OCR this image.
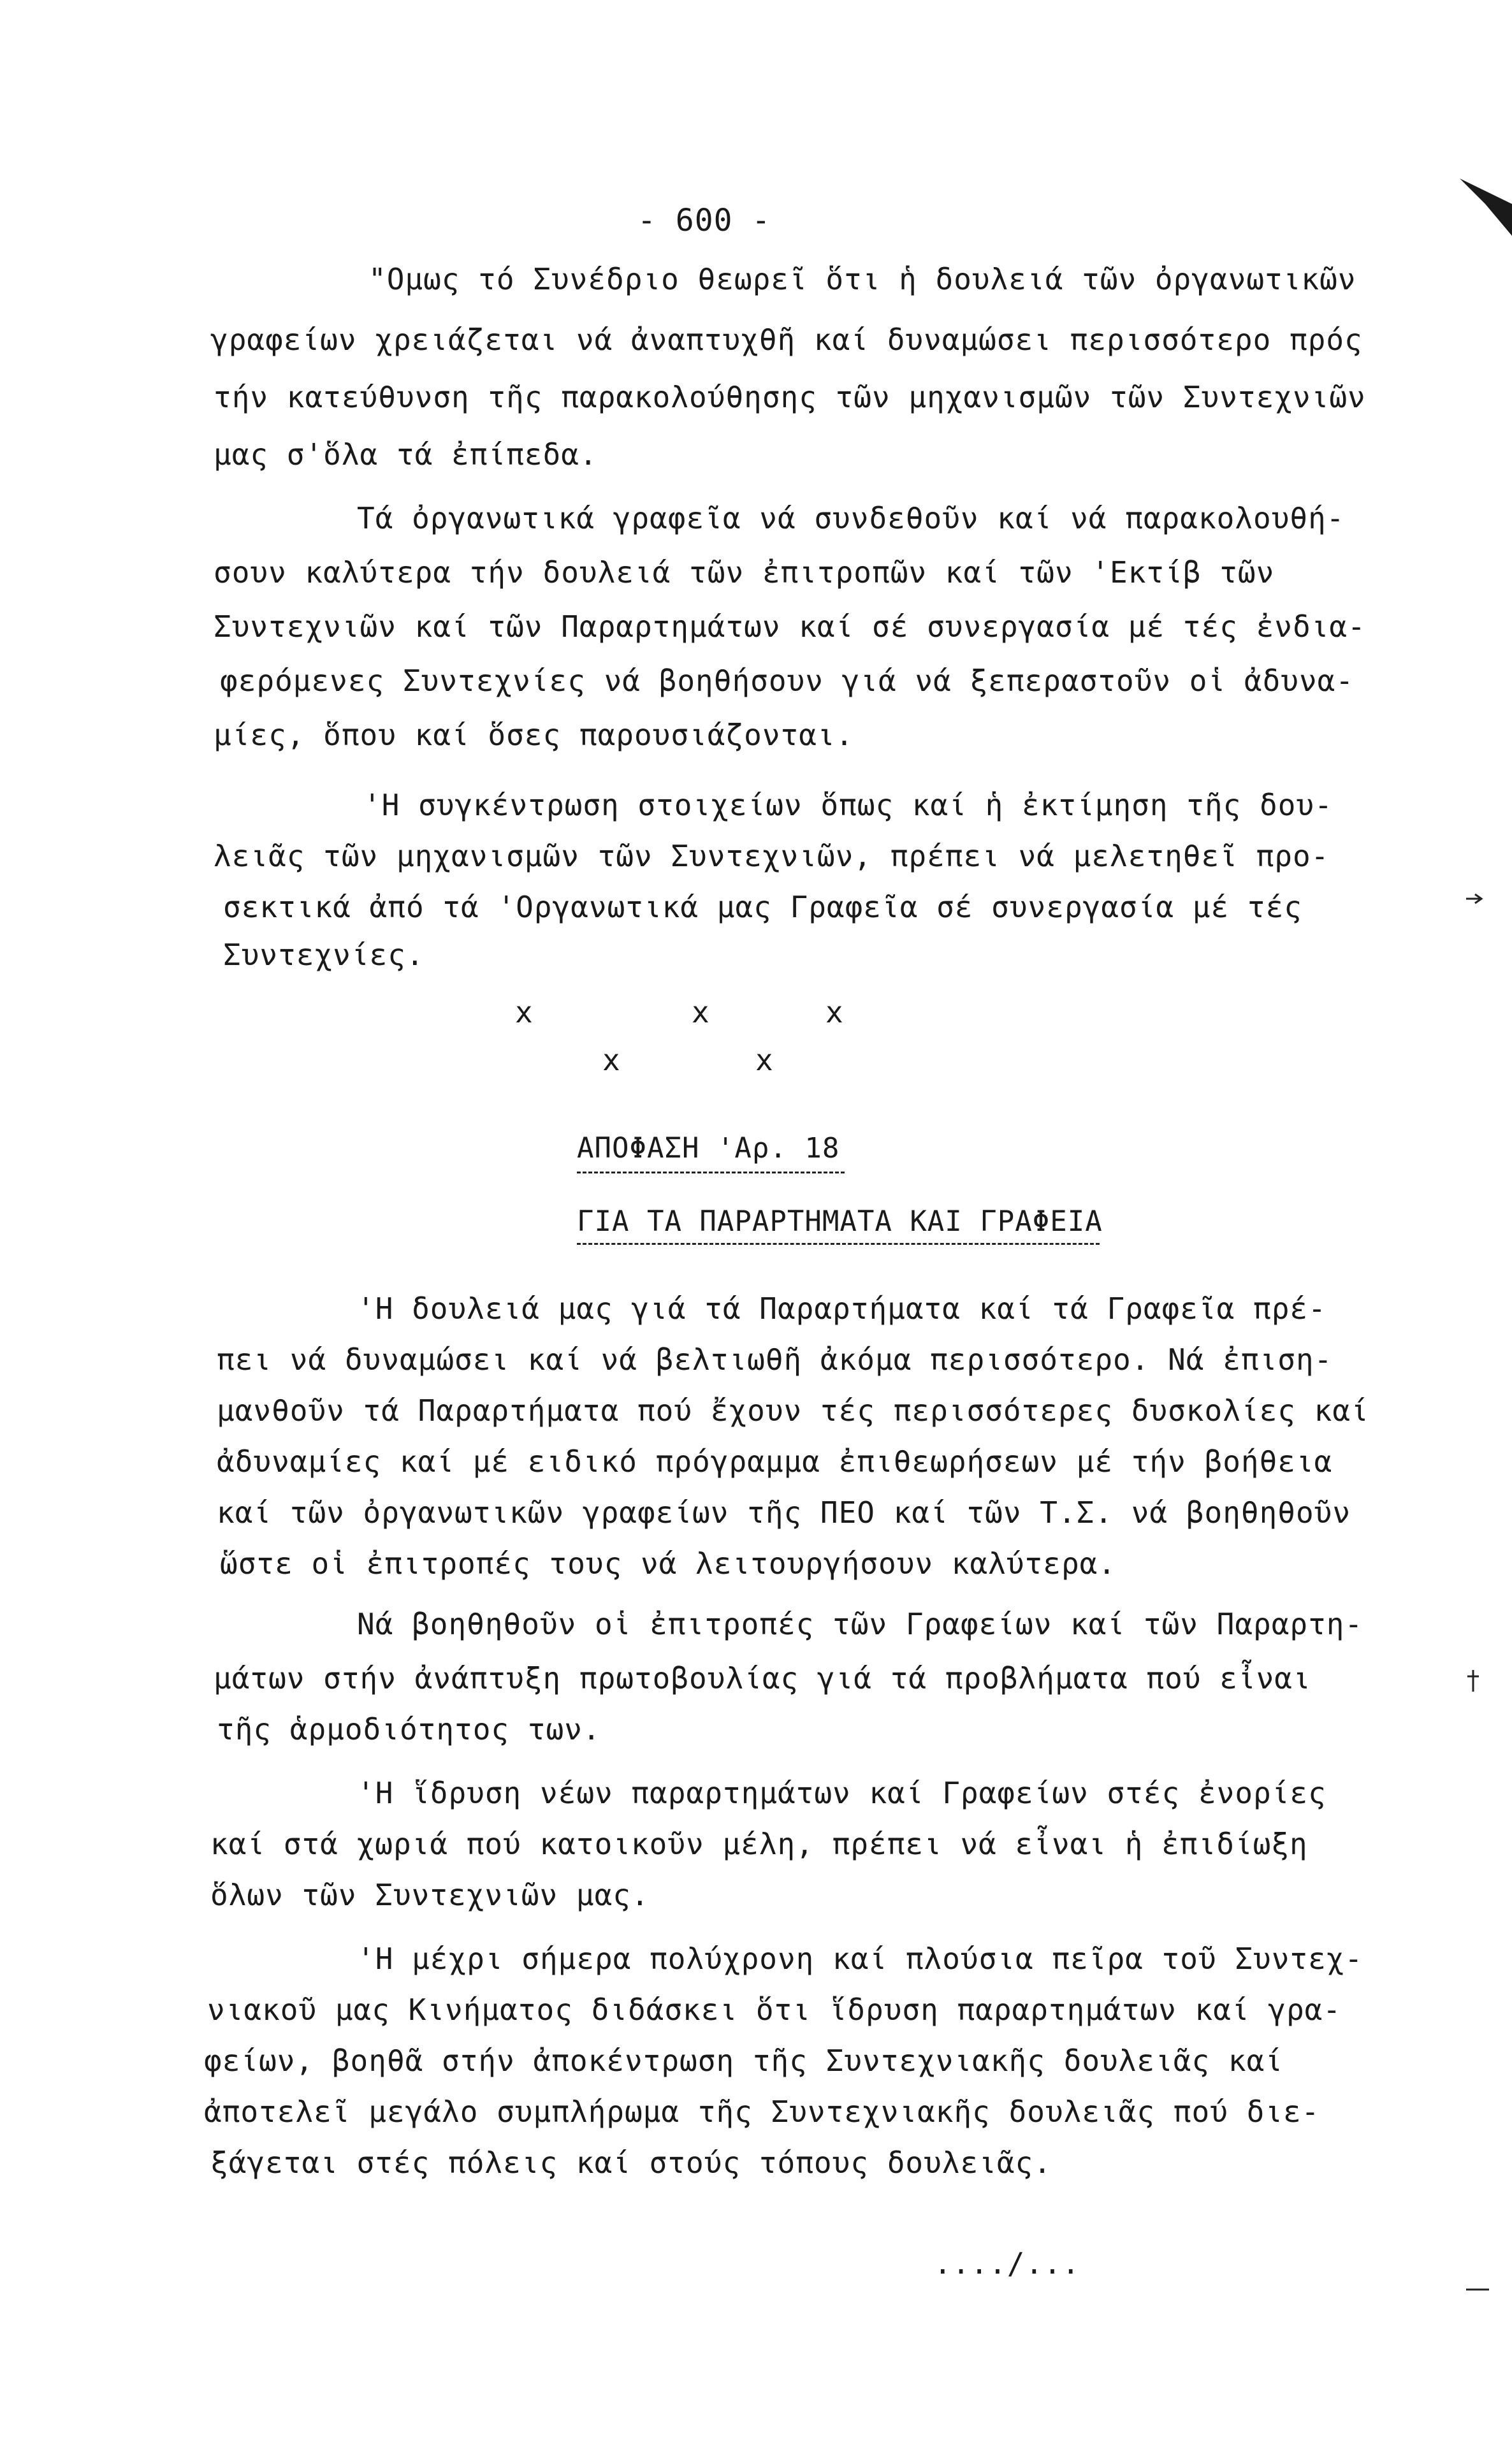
- 600 -
"Ομως τό Συνέδριο θεωρεῖ ὅτι ἡ δουλειά τῶν ὀργανωτικῶν
γραφείων χρειάζεται νά ἀναπτυχθῆ καί δυναμώσει περισσότερο πρός
τήν κατεύθυνση τῆς παρακολούθησης τῶν μηχανισμῶν τῶν Συντεχνιῶν
μας σ'ὅλα τά ἐπίπεδα.
Τά ὀργανωτικά γραφεῖα νά συνδεθοῦν καί νά παρακολουθή-
σουν καλύτερα τήν δουλειά τῶν ἐπιτροπῶν καί τῶν 'Εκτίβ τῶν
Συντεχνιῶν καί τῶν Παραρτημάτων καί σέ συνεργασία μέ τές ἐνδια-
φερόμενες Συντεχνίες νά βοηθήσουν γιά νά ξεπεραστοῦν οἱ ἀδυνα-
μίες, ὅπου καί ὅσες παρουσιάζονται.
'Η συγκέντρωση στοιχείων ὅπως καί ἡ ἐκτίμηση τῆς δου-
λειᾶς τῶν μηχανισμῶν τῶν Συντεχνιῶν, πρέπει νά μελετηθεῖ προ-
σεκτικά ἀπό τά 'Οργανωτικά μας Γραφεῖα σέ συνεργασία μέ τές
Συντεχνίες.
x	x	x
x	x
ΑΠΟΦΑΣΗ 'Αρ. 18
ΓΙΑ ΤΑ ΠΑΡΑΡΤΗΜΑΤΑ ΚΑΙ ΓΡΑΦΕΙΑ
'Η δουλειά μας γιά τά Παραρτήματα καί τά Γραφεῖα πρέ-
πει νά δυναμώσει καί νά βελτιωθῆ ἀκόμα περισσότερο. Νά ἐπιση-
μανθοῦν τά Παραρτήματα πού ἔχουν τές περισσότερες δυσκολίες καί
ἀδυναμίες καί μέ ειδικό πρόγραμμα ἐπιθεωρήσεων μέ τήν βοήθεια
καί τῶν ὀργανωτικῶν γραφείων τῆς ΠΕΟ καί τῶν Τ.Σ. νά βοηθηθοῦν
ὥστε οἱ ἐπιτροπές τους νά λειτουργήσουν καλύτερα.
Νά βοηθηθοῦν οἱ ἐπιτροπές τῶν Γραφείων καί τῶν Παραρτη-
μάτων στήν ἀνάπτυξη πρωτοβουλίας γιά τά προβλήματα πού εἶναι
τῆς ἁρμοδιότητος των.
'Η ἵδρυση νέων παραρτημάτων καί Γραφείων στές ἐνορίες
καί στά χωριά πού κατοικοῦν μέλη, πρέπει νά εἶναι ἡ ἐπιδίωξη
ὅλων τῶν Συντεχνιῶν μας.
'Η μέχρι σήμερα πολύχρονη καί πλούσια πεῖρα τοῦ Συντεχ-
νιακοῦ μας Κινήματος διδάσκει ὅτι ἵδρυση παραρτημάτων καί γρα-
φείων, βοηθᾶ στήν ἀποκέντρωση τῆς Συντεχνιακῆς δουλειᾶς καί
ἀποτελεῖ μεγάλο συμπλήρωμα τῆς Συντεχνιακῆς δουλειᾶς πού διε-
ξάγεται στές πόλεις καί στούς τόπους δουλειᾶς.
..../...
